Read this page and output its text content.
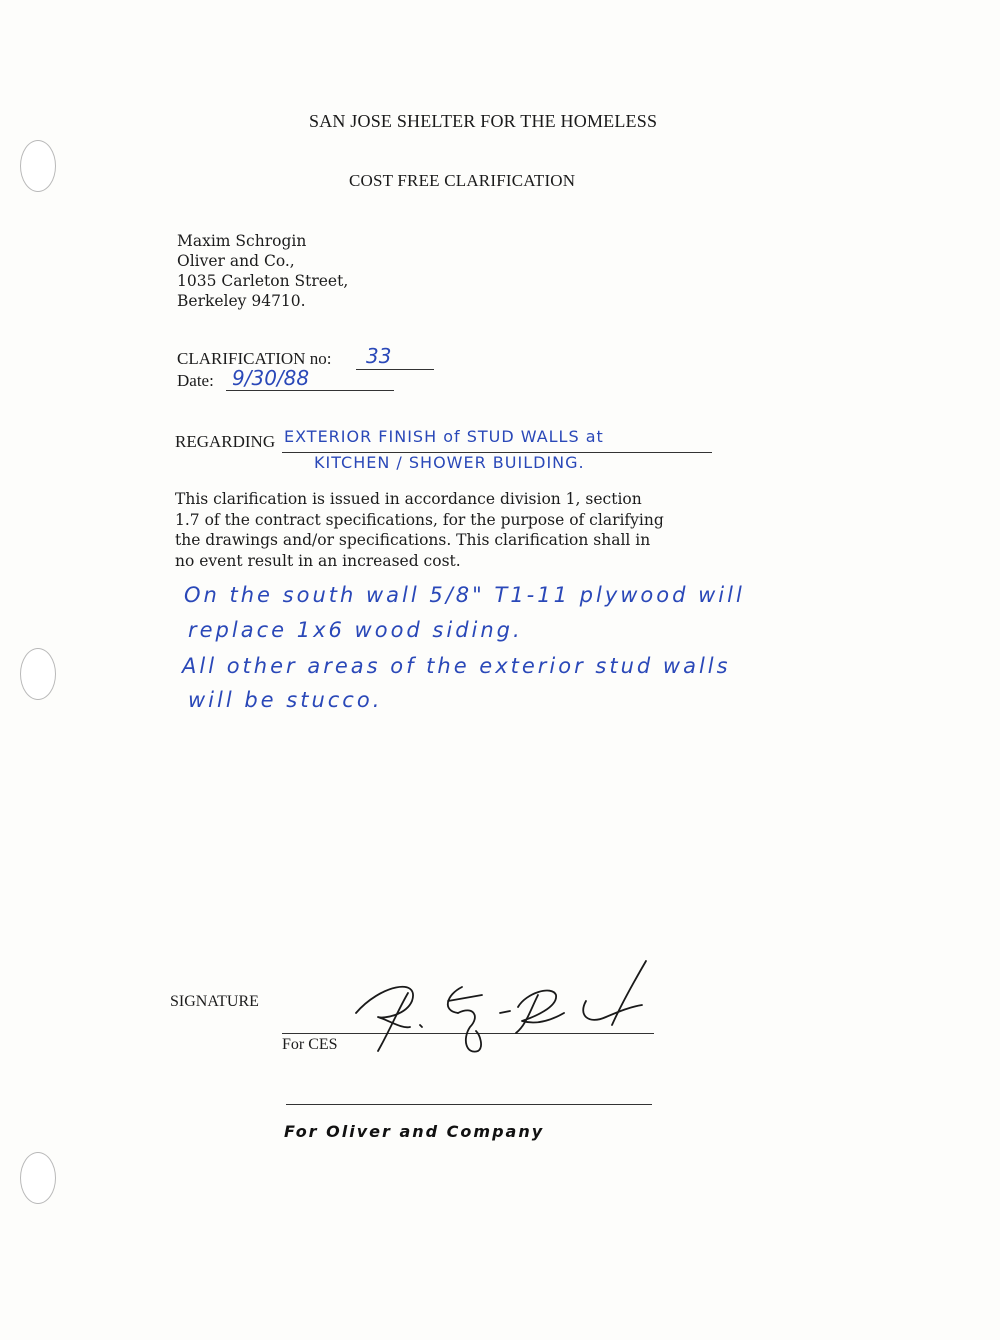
SAN JOSE SHELTER FOR THE HOMELESS
COST FREE CLARIFICATION
Maxim Schrogin
Oliver and Co.,
1035 Carleton Street,
Berkeley 94710.
CLARIFICATION no: 33
Date: 9/30/88
REGARDING EXTERIOR FINISH of STUD WALLS at
KITCHEN / SHOWER BUILDING.
This clarification is issued in accordance division 1, section
1.7 of the contract specifications, for the purpose of clarifying
the drawings and/or specifications. This clarification shall in
no event result in an increased cost.
On the south wall 5/8" T1-11 plywood will
replace 1x6 wood siding.
All other areas of the exterior stud walls
will be stucco.
SIGNATURE
For CES
For Oliver and Company
